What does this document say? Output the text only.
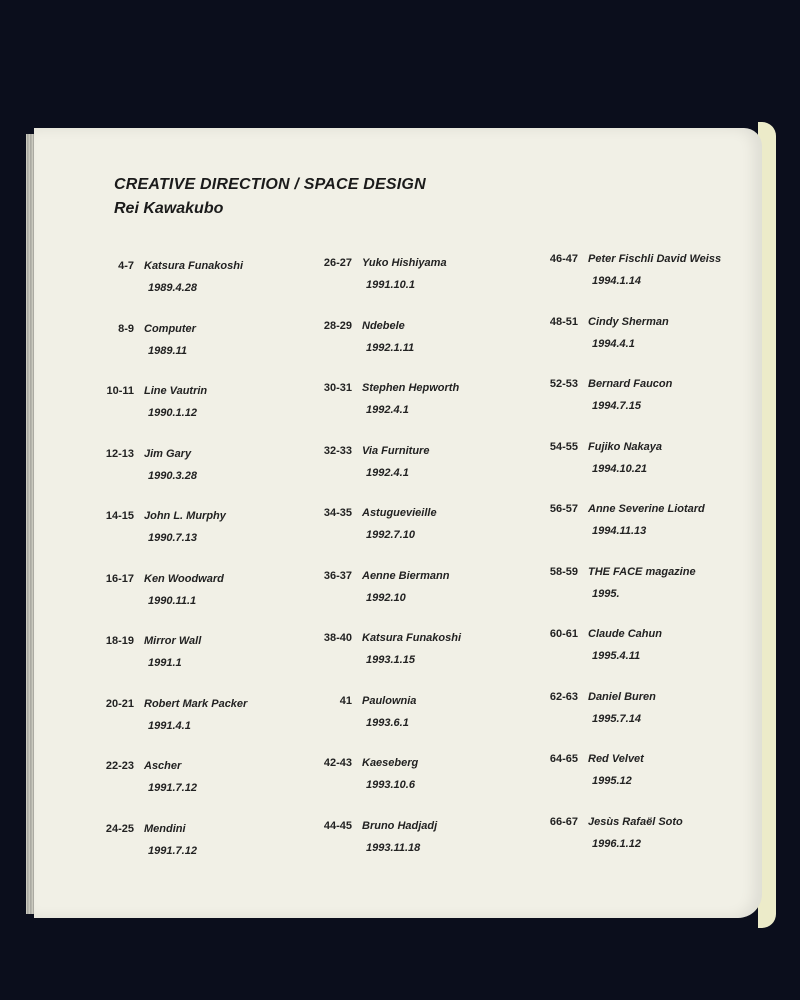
CREATIVE DIRECTION / SPACE DESIGN
Rei Kawakubo
4-7 Katsura Funakoshi
1989.4.28
8-9 Computer
1989.11
10-11 Line Vautrin
1990.1.12
12-13 Jim Gary
1990.3.28
14-15 John L. Murphy
1990.7.13
16-17 Ken Woodward
1990.11.1
18-19 Mirror Wall
1991.1
20-21 Robert Mark Packer
1991.4.1
22-23 Ascher
1991.7.12
24-25 Mendini
1991.7.12
26-27 Yuko Hishiyama
1991.10.1
28-29 Ndebele
1992.1.11
30-31 Stephen Hepworth
1992.4.1
32-33 Via Furniture
1992.4.1
34-35 Astuguevieille
1992.7.10
36-37 Aenne Biermann
1992.10
38-40 Katsura Funakoshi
1993.1.15
41 Paulownia
1993.6.1
42-43 Kaeseberg
1993.10.6
44-45 Bruno Hadjadj
1993.11.18
46-47 Peter Fischli David Weiss
1994.1.14
48-51 Cindy Sherman
1994.4.1
52-53 Bernard Faucon
1994.7.15
54-55 Fujiko Nakaya
1994.10.21
56-57 Anne Severine Liotard
1994.11.13
58-59 THE FACE magazine
1995.
60-61 Claude Cahun
1995.4.11
62-63 Daniel Buren
1995.7.14
64-65 Red Velvet
1995.12
66-67 Jesùs Rafaël Soto
1996.1.12
